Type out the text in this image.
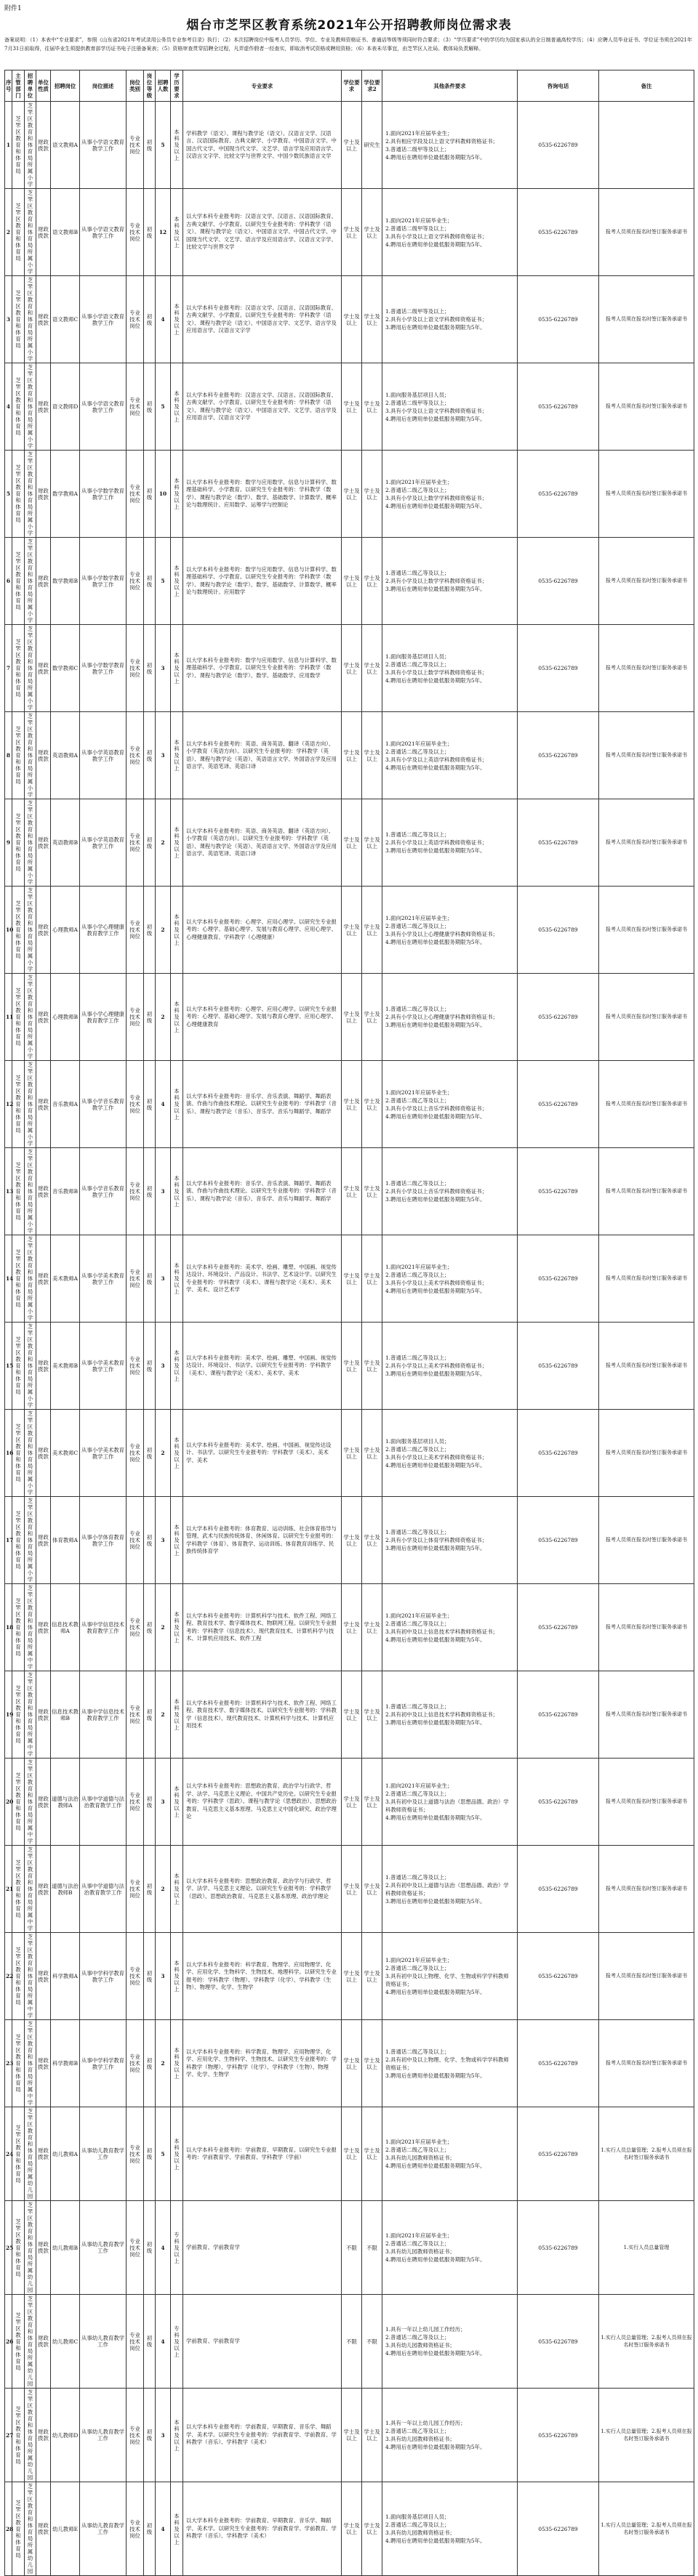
附件1
烟台市芝罘区教育系统2021年公开招聘教师岗位需求表
备案说明：（1）本表中“专业要求”，参照《山东省2021年考试录用公务员专业参考目录》执行；（2）本次招聘岗位中报考人员学历、学位、专业及教师资格证书、普通话等级等须同时符合要求；（3）“学历要求”中的学历均为国家承认的全日制普通高校学历；（4）应聘人员毕业证书、学位证书须在2021年7月31日前取得，往届毕业生须提供教育部学历证书电子注册备案表；（5）资格审查贯穿招聘全过程，凡弄虚作假者一经查实，即取消考试资格或聘用资格；（6）本表未尽事宜，由芝罘区人社局、教体局负责解释。
序号	主管部门	招聘单位	单位性质	招聘岗位	岗位描述	岗位类别	岗位等级	招聘人数	学历要求	专业要求	学位要求	学位要求2	其他条件要求	咨询电话	备注
1	芝罘区教育和体育局	芝罘区教育和体育局所属小学	财政拨款	语文教师A	从事小学语文教育教学工作	专业技术岗位	初级	5	本科及以上	学科教学（语文）、课程与教学论（语文）、汉语言文学、汉语言、汉语国际教育、古典文献学、小学教育、中国语言文学、中国古代文学、中国现当代文学、文艺学、语言学及应用语言学、汉语言文字学、比较文学与世界文学、中国少数民族语言文学	学士及以上	研究生	1.面向2021年应届毕业生；
2.具有相应学段及以上语文学科教师资格证书；
3.普通话二级甲等及以上；
4.聘用后在聘用单位最低服务期限为5年。	0535-6226789	
2	芝罘区教育和体育局	芝罘区教育和体育局所属小学	财政拨款	语文教师B	从事小学语文教育教学工作	专业技术岗位	初级	12	本科及以上	以大学本科专业报考的：汉语言文学、汉语言、汉语国际教育、古典文献学、小学教育。以研究生专业报考的：学科教学（语文）、课程与教学论（语文）、中国语言文学、中国古代文学、中国现当代文学、文艺学、语言学及应用语言学、汉语言文字学、比较文学与世界文学	学士及以上	学士及以上	1.面向2021年应届毕业生；
2.普通话二级甲等及以上；
3.具有小学及以上语文学科教师资格证书；
4.聘用后在聘用单位最低服务期限为5年。	0535-6226789	报考人员须在报名时签订服务承诺书
3	芝罘区教育和体育局	芝罘区教育和体育局所属小学	财政拨款	语文教师C	从事小学语文教育教学工作	专业技术岗位	初级	4	本科及以上	以大学本科专业报考的：汉语言文学、汉语言、汉语国际教育、古典文献学、小学教育。以研究生专业报考的：学科教学（语文）、课程与教学论（语文）、中国语言文学、文艺学、语言学及应用语言学、汉语言文字学	学士及以上	学士及以上	1.普通话二级甲等及以上；
2.具有小学及以上语文学科教师资格证书；
3.聘用后在聘用单位最低服务期限为5年。	0535-6226789	报考人员须在报名时签订服务承诺书
4	芝罘区教育和体育局	芝罘区教育和体育局所属小学	财政拨款	语文教师D	从事小学语文教育教学工作	专业技术岗位	初级	5	本科及以上	以大学本科专业报考的：汉语言文学、汉语言、汉语国际教育、古典文献学、小学教育。以研究生专业报考的：学科教学（语文）、课程与教学论（语文）、中国语言文学、文艺学、语言学及应用语言学、汉语言文字学	学士及以上	学士及以上	1.面向服务基层项目人员；
2.普通话二级甲等及以上；
3.具有小学及以上语文学科教师资格证书；
4.聘用后在聘用单位最低服务期限为5年。	0535-6226789	报考人员须在报名时签订服务承诺书
5	芝罘区教育和体育局	芝罘区教育和体育局所属小学	财政拨款	数学教师A	从事小学数学教育教学工作	专业技术岗位	初级	10	本科及以上	以大学本科专业报考的：数学与应用数学、信息与计算科学、数理基础科学、小学教育。以研究生专业报考的：学科教学（数学）、课程与教学论（数学）、数学、基础数学、计算数学、概率论与数理统计、应用数学、运筹学与控制论	学士及以上	学士及以上	1.面向2021年应届毕业生；
2.普通话二级乙等及以上；
3.具有小学及以上数学学科教师资格证书；
4.聘用后在聘用单位最低服务期限为5年。	0535-6226789	报考人员须在报名时签订服务承诺书
6	芝罘区教育和体育局	芝罘区教育和体育局所属小学	财政拨款	数学教师B	从事小学数学教育教学工作	专业技术岗位	初级	5	本科及以上	以大学本科专业报考的：数学与应用数学、信息与计算科学、数理基础科学、小学教育。以研究生专业报考的：学科教学（数学）、课程与教学论（数学）、数学、基础数学、计算数学、概率论与数理统计、应用数学	学士及以上	学士及以上	1.普通话二级乙等及以上；
2.具有小学及以上数学学科教师资格证书；
3.聘用后在聘用单位最低服务期限为5年。	0535-6226789	报考人员须在报名时签订服务承诺书
7	芝罘区教育和体育局	芝罘区教育和体育局所属小学	财政拨款	数学教师C	从事小学数学教育教学工作	专业技术岗位	初级	3	本科及以上	以大学本科专业报考的：数学与应用数学、信息与计算科学、数理基础科学、小学教育。以研究生专业报考的：学科教学（数学）、课程与教学论（数学）、数学、基础数学、应用数学	学士及以上	学士及以上	1.面向服务基层项目人员；
2.普通话二级乙等及以上；
3.具有小学及以上数学学科教师资格证书；
4.聘用后在聘用单位最低服务期限为5年。	0535-6226789	报考人员须在报名时签订服务承诺书
8	芝罘区教育和体育局	芝罘区教育和体育局所属小学	财政拨款	英语教师A	从事小学英语教育教学工作	专业技术岗位	初级	3	本科及以上	以大学本科专业报考的：英语、商务英语、翻译（英语方向）、小学教育（英语方向）。以研究生专业报考的：学科教学（英语）、课程与教学论（英语）、英语语言文学、外国语言学及应用语言学、英语笔译、英语口译	学士及以上	学士及以上	1.面向2021年应届毕业生；
2.普通话二级乙等及以上；
3.具有小学及以上英语学科教师资格证书；
4.聘用后在聘用单位最低服务期限为5年。	0535-6226789	报考人员须在报名时签订服务承诺书
9	芝罘区教育和体育局	芝罘区教育和体育局所属小学	财政拨款	英语教师B	从事小学英语教育教学工作	专业技术岗位	初级	2	本科及以上	以大学本科专业报考的：英语、商务英语、翻译（英语方向）、小学教育（英语方向）。以研究生专业报考的：学科教学（英语）、课程与教学论（英语）、英语语言文学、外国语言学及应用语言学、英语笔译、英语口译	学士及以上	学士及以上	1.普通话二级乙等及以上；
2.具有小学及以上英语学科教师资格证书；
3.聘用后在聘用单位最低服务期限为5年。	0535-6226789	报考人员须在报名时签订服务承诺书
10	芝罘区教育和体育局	芝罘区教育和体育局所属小学	财政拨款	心理教师A	从事小学心理健康教育教学工作	专业技术岗位	初级	2	本科及以上	以大学本科专业报考的：心理学、应用心理学。以研究生专业报考的：心理学、基础心理学、发展与教育心理学、应用心理学、心理健康教育、学科教学（心理健康）	学士及以上	学士及以上	1.面向2021年应届毕业生；
2.普通话二级乙等及以上；
3.具有小学及以上心理健康学科教师资格证书；
4.聘用后在聘用单位最低服务期限为5年。	0535-6226789	报考人员须在报名时签订服务承诺书
11	芝罘区教育和体育局	芝罘区教育和体育局所属小学	财政拨款	心理教师B	从事小学心理健康教育教学工作	专业技术岗位	初级	2	本科及以上	以大学本科专业报考的：心理学、应用心理学。以研究生专业报考的：心理学、基础心理学、发展与教育心理学、应用心理学、心理健康教育	学士及以上	学士及以上	1.普通话二级乙等及以上；
2.具有小学及以上心理健康学科教师资格证书；
3.聘用后在聘用单位最低服务期限为5年。	0535-6226789	报考人员须在报名时签订服务承诺书
12	芝罘区教育和体育局	芝罘区教育和体育局所属小学	财政拨款	音乐教师A	从事小学音乐教育教学工作	专业技术岗位	初级	4	本科及以上	以大学本科专业报考的：音乐学、音乐表演、舞蹈学、舞蹈表演、作曲与作曲技术理论。以研究生专业报考的：学科教学（音乐）、课程与教学论（音乐）、音乐学、音乐与舞蹈学、舞蹈学	学士及以上	学士及以上	1.面向2021年应届毕业生；
2.普通话二级乙等及以上；
3.具有小学及以上音乐学科教师资格证书；
4.聘用后在聘用单位最低服务期限为5年。	0535-6226789	报考人员须在报名时签订服务承诺书
13	芝罘区教育和体育局	芝罘区教育和体育局所属小学	财政拨款	音乐教师B	从事小学音乐教育教学工作	专业技术岗位	初级	3	本科及以上	以大学本科专业报考的：音乐学、音乐表演、舞蹈学、舞蹈表演、作曲与作曲技术理论。以研究生专业报考的：学科教学（音乐）、课程与教学论（音乐）、音乐学、音乐与舞蹈学、舞蹈学	学士及以上	学士及以上	1.普通话二级乙等及以上；
2.具有小学及以上音乐学科教师资格证书；
3.聘用后在聘用单位最低服务期限为5年。	0535-6226789	报考人员须在报名时签订服务承诺书
14	芝罘区教育和体育局	芝罘区教育和体育局所属小学	财政拨款	美术教师A	从事小学美术教育教学工作	专业技术岗位	初级	3	本科及以上	以大学本科专业报考的：美术学、绘画、雕塑、中国画、视觉传达设计、环境设计、产品设计、书法学、艺术设计学。以研究生专业报考的：学科教学（美术）、课程与教学论（美术）、美术学、美术、设计艺术学	学士及以上	学士及以上	1.面向2021年应届毕业生；
2.普通话二级乙等及以上；
3.具有小学及以上美术学科教师资格证书；
4.聘用后在聘用单位最低服务期限为5年。	0535-6226789	报考人员须在报名时签订服务承诺书
15	芝罘区教育和体育局	芝罘区教育和体育局所属小学	财政拨款	美术教师B	从事小学美术教育教学工作	专业技术岗位	初级	3	本科及以上	以大学本科专业报考的：美术学、绘画、雕塑、中国画、视觉传达设计、环境设计、书法学。以研究生专业报考的：学科教学（美术）、课程与教学论（美术）、美术学、美术	学士及以上	学士及以上	1.普通话二级乙等及以上；
2.具有小学及以上美术学科教师资格证书；
3.聘用后在聘用单位最低服务期限为5年。	0535-6226789	报考人员须在报名时签订服务承诺书
16	芝罘区教育和体育局	芝罘区教育和体育局所属小学	财政拨款	美术教师C	从事小学美术教育教学工作	专业技术岗位	初级	2	本科及以上	以大学本科专业报考的：美术学、绘画、中国画、视觉传达设计、书法学。以研究生专业报考的：学科教学（美术）、美术学、美术	学士及以上	学士及以上	1.面向服务基层项目人员；
2.普通话二级乙等及以上；
3.具有小学及以上美术学科教师资格证书；
4.聘用后在聘用单位最低服务期限为5年。	0535-6226789	报考人员须在报名时签订服务承诺书
17	芝罘区教育和体育局	芝罘区教育和体育局所属小学	财政拨款	体育教师A	从事小学体育教育教学工作	专业技术岗位	初级	3	本科及以上	以大学本科专业报考的：体育教育、运动训练、社会体育指导与管理、武术与民族传统体育、休闲体育。以研究生专业报考的：学科教学（体育）、体育教学、运动训练、体育教育训练学、民族传统体育学	学士及以上	学士及以上	1.普通话二级乙等及以上；
2.具有小学及以上体育学科教师资格证书；
3.聘用后在聘用单位最低服务期限为5年。	0535-6226789	报考人员须在报名时签订服务承诺书
18	芝罘区教育和体育局	芝罘区教育和体育局所属中学	财政拨款	信息技术教师A	从事中学信息技术教育教学工作	专业技术岗位	初级	2	本科及以上	以大学本科专业报考的：计算机科学与技术、软件工程、网络工程、教育技术学、数字媒体技术、物联网工程。以研究生专业报考的：学科教学（信息技术）、现代教育技术、计算机科学与技术、计算机应用技术、软件工程	学士及以上	学士及以上	1.面向2021年应届毕业生；
2.普通话二级乙等及以上；
3.具有初中及以上信息技术学科教师资格证书；
4.聘用后在聘用单位最低服务期限为5年。	0535-6226789	报考人员须在报名时签订服务承诺书
19	芝罘区教育和体育局	芝罘区教育和体育局所属中学	财政拨款	信息技术教师B	从事中学信息技术教育教学工作	专业技术岗位	初级	2	本科及以上	以大学本科专业报考的：计算机科学与技术、软件工程、网络工程、教育技术学、数字媒体技术。以研究生专业报考的：学科教学（信息技术）、现代教育技术、计算机科学与技术、计算机应用技术	学士及以上	学士及以上	1.普通话二级乙等及以上；
2.具有初中及以上信息技术学科教师资格证书；
3.聘用后在聘用单位最低服务期限为5年。	0535-6226789	报考人员须在报名时签订服务承诺书
20	芝罘区教育和体育局	芝罘区教育和体育局所属中学	财政拨款	道德与法治教师A	从事中学道德与法治教育教学工作	专业技术岗位	初级	3	本科及以上	以大学本科专业报考的：思想政治教育、政治学与行政学、哲学、法学、马克思主义理论、中国共产党历史。以研究生专业报考的：学科教学（思政）、课程与教学论（思想政治）、思想政治教育、马克思主义基本原理、马克思主义中国化研究、政治学理论	学士及以上	学士及以上	1.面向2021年应届毕业生；
2.普通话二级乙等及以上；
3.具有初中及以上道德与法治（思想品德、政治）学科教师资格证书；
4.聘用后在聘用单位最低服务期限为5年。	0535-6226789	报考人员须在报名时签订服务承诺书
21	芝罘区教育和体育局	芝罘区教育和体育局所属中学	财政拨款	道德与法治教师B	从事中学道德与法治教育教学工作	专业技术岗位	初级	2	本科及以上	以大学本科专业报考的：思想政治教育、政治学与行政学、哲学、法学、马克思主义理论。以研究生专业报考的：学科教学（思政）、思想政治教育、马克思主义基本原理、政治学理论	学士及以上	学士及以上	1.普通话二级乙等及以上；
2.具有初中及以上道德与法治（思想品德、政治）学科教师资格证书；
3.聘用后在聘用单位最低服务期限为5年。	0535-6226789	报考人员须在报名时签订服务承诺书
22	芝罘区教育和体育局	芝罘区教育和体育局所属中学	财政拨款	科学教师A	从事中学科学教育教学工作	专业技术岗位	初级	3	本科及以上	以大学本科专业报考的：科学教育、物理学、应用物理学、化学、应用化学、生物科学、生物技术、地理科学。以研究生专业报考的：学科教学（物理）、学科教学（化学）、学科教学（生物）、物理学、化学、生物学	学士及以上	学士及以上	1.面向2021年应届毕业生；
2.普通话二级乙等及以上；
3.具有初中及以上物理、化学、生物或科学学科教师资格证书；
4.聘用后在聘用单位最低服务期限为5年。	0535-6226789	报考人员须在报名时签订服务承诺书
23	芝罘区教育和体育局	芝罘区教育和体育局所属中学	财政拨款	科学教师B	从事中学科学教育教学工作	专业技术岗位	初级	2	本科及以上	以大学本科专业报考的：科学教育、物理学、应用物理学、化学、应用化学、生物科学、生物技术。以研究生专业报考的：学科教学（物理）、学科教学（化学）、学科教学（生物）、物理学、化学、生物学	学士及以上	学士及以上	1.普通话二级乙等及以上；
2.具有初中及以上物理、化学、生物或科学学科教师资格证书；
3.聘用后在聘用单位最低服务期限为5年。	0535-6226789	报考人员须在报名时签订服务承诺书
24	芝罘区教育和体育局	芝罘区教育和体育局所属幼儿园	财政拨款	幼儿教师A	从事幼儿教育教学工作	专业技术岗位	初级	5	本科及以上	以大学本科专业报考的：学前教育、早期教育。以研究生专业报考的：学前教育学、学前教育、学科教学（学前）	学士及以上	学士及以上	1.面向2021年应届毕业生；
2.普通话二级乙等及以上；
3.具有幼儿园教师资格证书；
4.聘用后在聘用单位最低服务期限为5年。	0535-6226789	1.实行人员总量管理；2.报考人员须在报名时签订服务承诺书
25	芝罘区教育和体育局	芝罘区教育和体育局所属幼儿园	财政拨款	幼儿教师B	从事幼儿教育教学工作	专业技术岗位	初级	4	专科及以上	学前教育、学前教育学	不限	不限	1.面向2021年应届毕业生；
2.普通话二级乙等及以上；
3.具有幼儿园教师资格证书；
4.聘用后在聘用单位最低服务期限为5年。	0535-6226789	1.实行人员总量管理
26	芝罘区教育和体育局	芝罘区教育和体育局所属幼儿园	财政拨款	幼儿教师C	从事幼儿教育教学工作	专业技术岗位	初级	4	专科及以上	学前教育、学前教育学	不限	不限	1.具有一年以上幼儿园工作经历；
2.普通话二级乙等及以上；
3.具有幼儿园教师资格证书；
4.聘用后在聘用单位最低服务期限为5年。	0535-6226789	1.实行人员总量管理；2.报考人员须在报名时签订服务承诺书
27	芝罘区教育和体育局	芝罘区教育和体育局所属幼儿园	财政拨款	幼儿教师D	从事幼儿教育教学工作	专业技术岗位	初级	3	本科及以上	以大学本科专业报考的：学前教育、早期教育、音乐学、舞蹈学、美术学。以研究生专业报考的：学前教育学、学前教育、学科教学（音乐）、学科教学（美术）	学士及以上	学士及以上	1.具有一年以上幼儿园工作经历；
2.普通话二级乙等及以上；
3.具有幼儿园教师资格证书；
4.聘用后在聘用单位最低服务期限为5年。	0535-6226789	1.实行人员总量管理；2.报考人员须在报名时签订服务承诺书
28	芝罘区教育和体育局	芝罘区教育和体育局所属幼儿园	财政拨款	幼儿教师E	从事幼儿教育教学工作	专业技术岗位	初级	4	本科及以上	以大学本科专业报考的：学前教育、早期教育、音乐学、舞蹈学、美术学。以研究生专业报考的：学前教育学、学前教育、学科教学（音乐）、学科教学（美术）	学士及以上	学士及以上	1.面向服务基层项目人员；
2.普通话二级乙等及以上；
3.具有幼儿园教师资格证书；
4.聘用后在聘用单位最低服务期限为5年。	0535-6226789	1.实行人员总量管理；2.报考人员须在报名时签订服务承诺书
